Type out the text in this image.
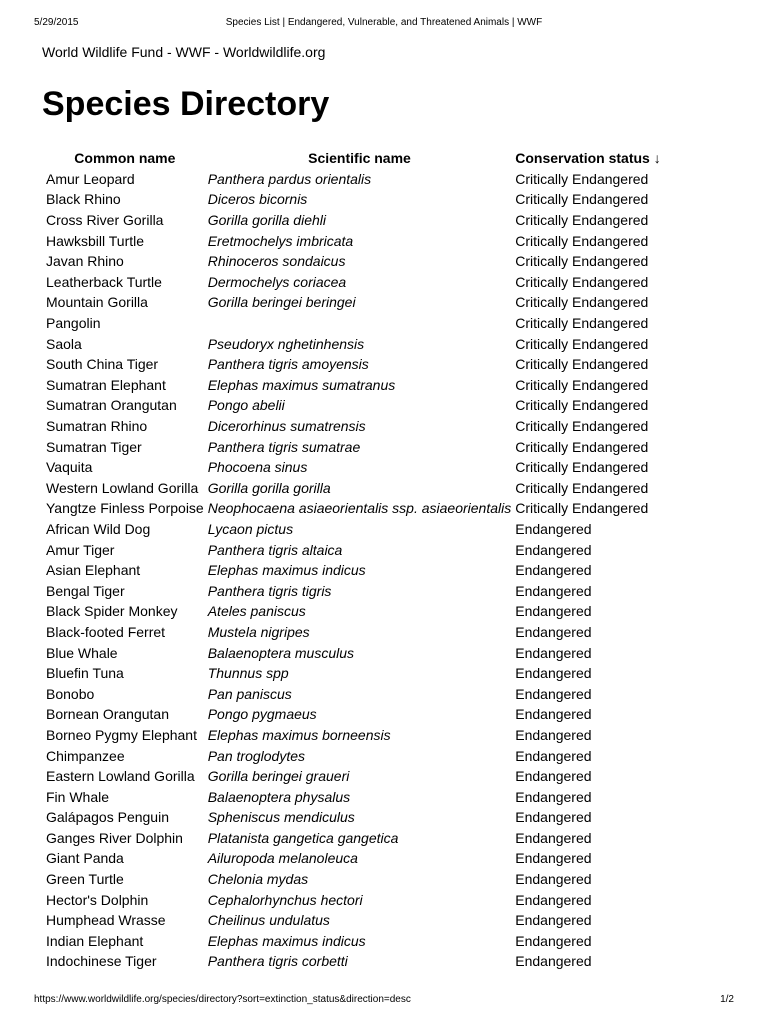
5/29/2015	Species List | Endangered, Vulnerable, and Threatened Animals | WWF
World Wildlife Fund - WWF - Worldwildlife.org
Species Directory
Common name	Scientific name	Conservation status ↓
Amur Leopard	Panthera pardus orientalis	Critically Endangered
Black Rhino	Diceros bicornis	Critically Endangered
Cross River Gorilla	Gorilla gorilla diehli	Critically Endangered
Hawksbill Turtle	Eretmochelys imbricata	Critically Endangered
Javan Rhino	Rhinoceros sondaicus	Critically Endangered
Leatherback Turtle	Dermochelys coriacea	Critically Endangered
Mountain Gorilla	Gorilla beringei beringei	Critically Endangered
Pangolin		Critically Endangered
Saola	Pseudoryx nghetinhensis	Critically Endangered
South China Tiger	Panthera tigris amoyensis	Critically Endangered
Sumatran Elephant	Elephas maximus sumatranus	Critically Endangered
Sumatran Orangutan	Pongo abelii	Critically Endangered
Sumatran Rhino	Dicerorhinus sumatrensis	Critically Endangered
Sumatran Tiger	Panthera tigris sumatrae	Critically Endangered
Vaquita	Phocoena sinus	Critically Endangered
Western Lowland Gorilla	Gorilla gorilla gorilla	Critically Endangered
Yangtze Finless Porpoise	Neophocaena asiaeorientalis ssp. asiaeorientalis	Critically Endangered
African Wild Dog	Lycaon pictus	Endangered
Amur Tiger	Panthera tigris altaica	Endangered
Asian Elephant	Elephas maximus indicus	Endangered
Bengal Tiger	Panthera tigris tigris	Endangered
Black Spider Monkey	Ateles paniscus	Endangered
Black-footed Ferret	Mustela nigripes	Endangered
Blue Whale	Balaenoptera musculus	Endangered
Bluefin Tuna	Thunnus spp	Endangered
Bonobo	Pan paniscus	Endangered
Bornean Orangutan	Pongo pygmaeus	Endangered
Borneo Pygmy Elephant	Elephas maximus borneensis	Endangered
Chimpanzee	Pan troglodytes	Endangered
Eastern Lowland Gorilla	Gorilla beringei graueri	Endangered
Fin Whale	Balaenoptera physalus	Endangered
Galápagos Penguin	Spheniscus mendiculus	Endangered
Ganges River Dolphin	Platanista gangetica gangetica	Endangered
Giant Panda	Ailuropoda melanoleuca	Endangered
Green Turtle	Chelonia mydas	Endangered
Hector's Dolphin	Cephalorhynchus hectori	Endangered
Humphead Wrasse	Cheilinus undulatus	Endangered
Indian Elephant	Elephas maximus indicus	Endangered
Indochinese Tiger	Panthera tigris corbetti	Endangered
https://www.worldwildlife.org/species/directory?sort=extinction_status&direction=desc	1/2
